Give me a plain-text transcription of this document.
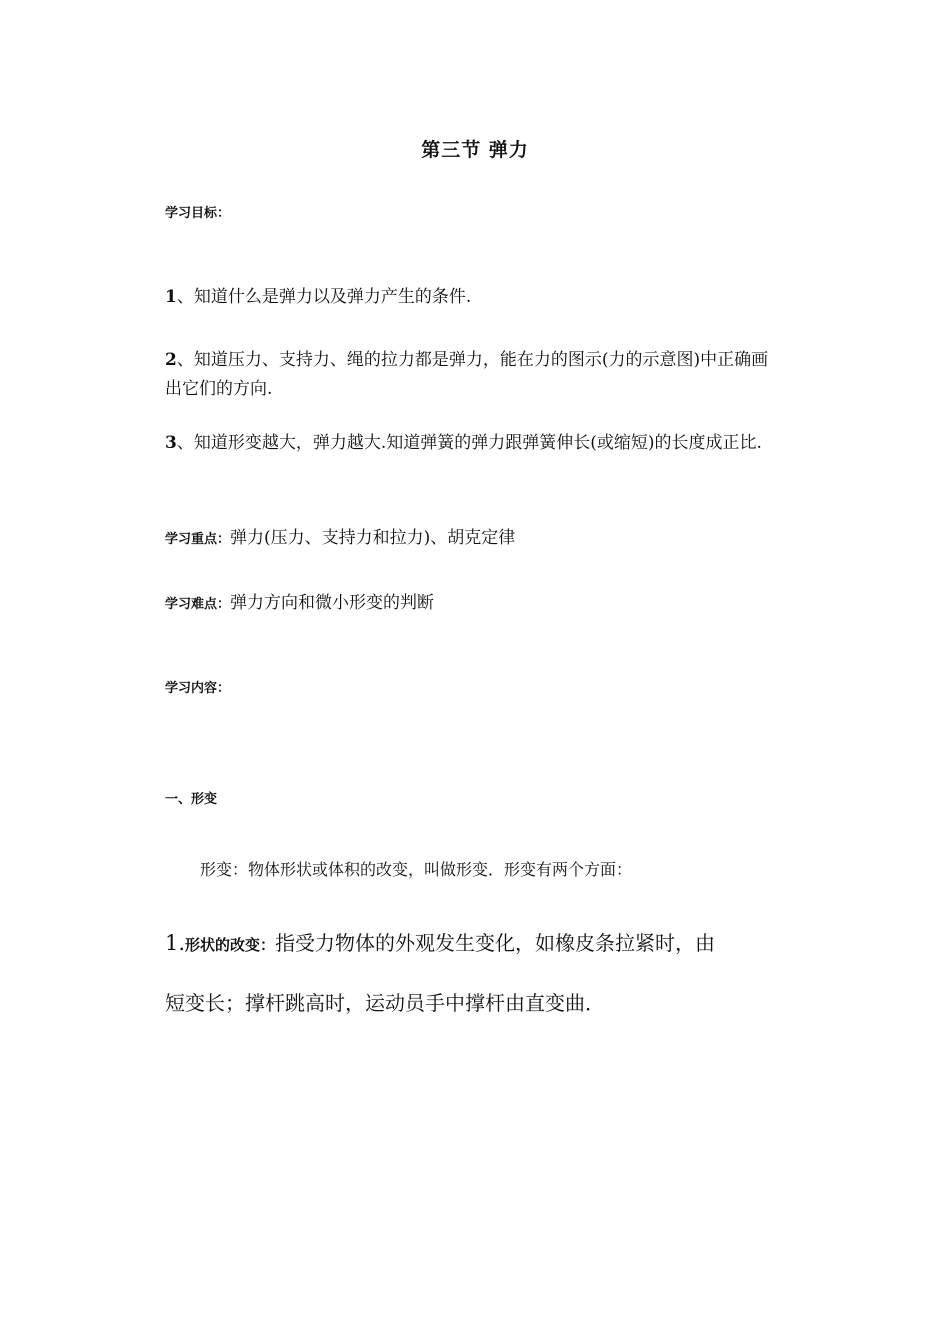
第三节 弹力
学习目标：
1、知道什么是弹力以及弹力产生的条件.
2、知道压力、支持力、绳的拉力都是弹力，能在力的图示(力的示意图)中正确画
出它们的方向.
3、知道形变越大，弹力越大.知道弹簧的弹力跟弹簧伸长(或缩短)的长度成正比.
学习重点：弹力(压力、支持力和拉力)、胡克定律
学习难点：弹力方向和微小形变的判断
学习内容：
一、形变
形变：物体形状或体积的改变，叫做形变．形变有两个方面：
1.形状的改变：指受力物体的外观发生变化，如橡皮条拉紧时，由
短变长；撑杆跳高时，运动员手中撑杆由直变曲．
